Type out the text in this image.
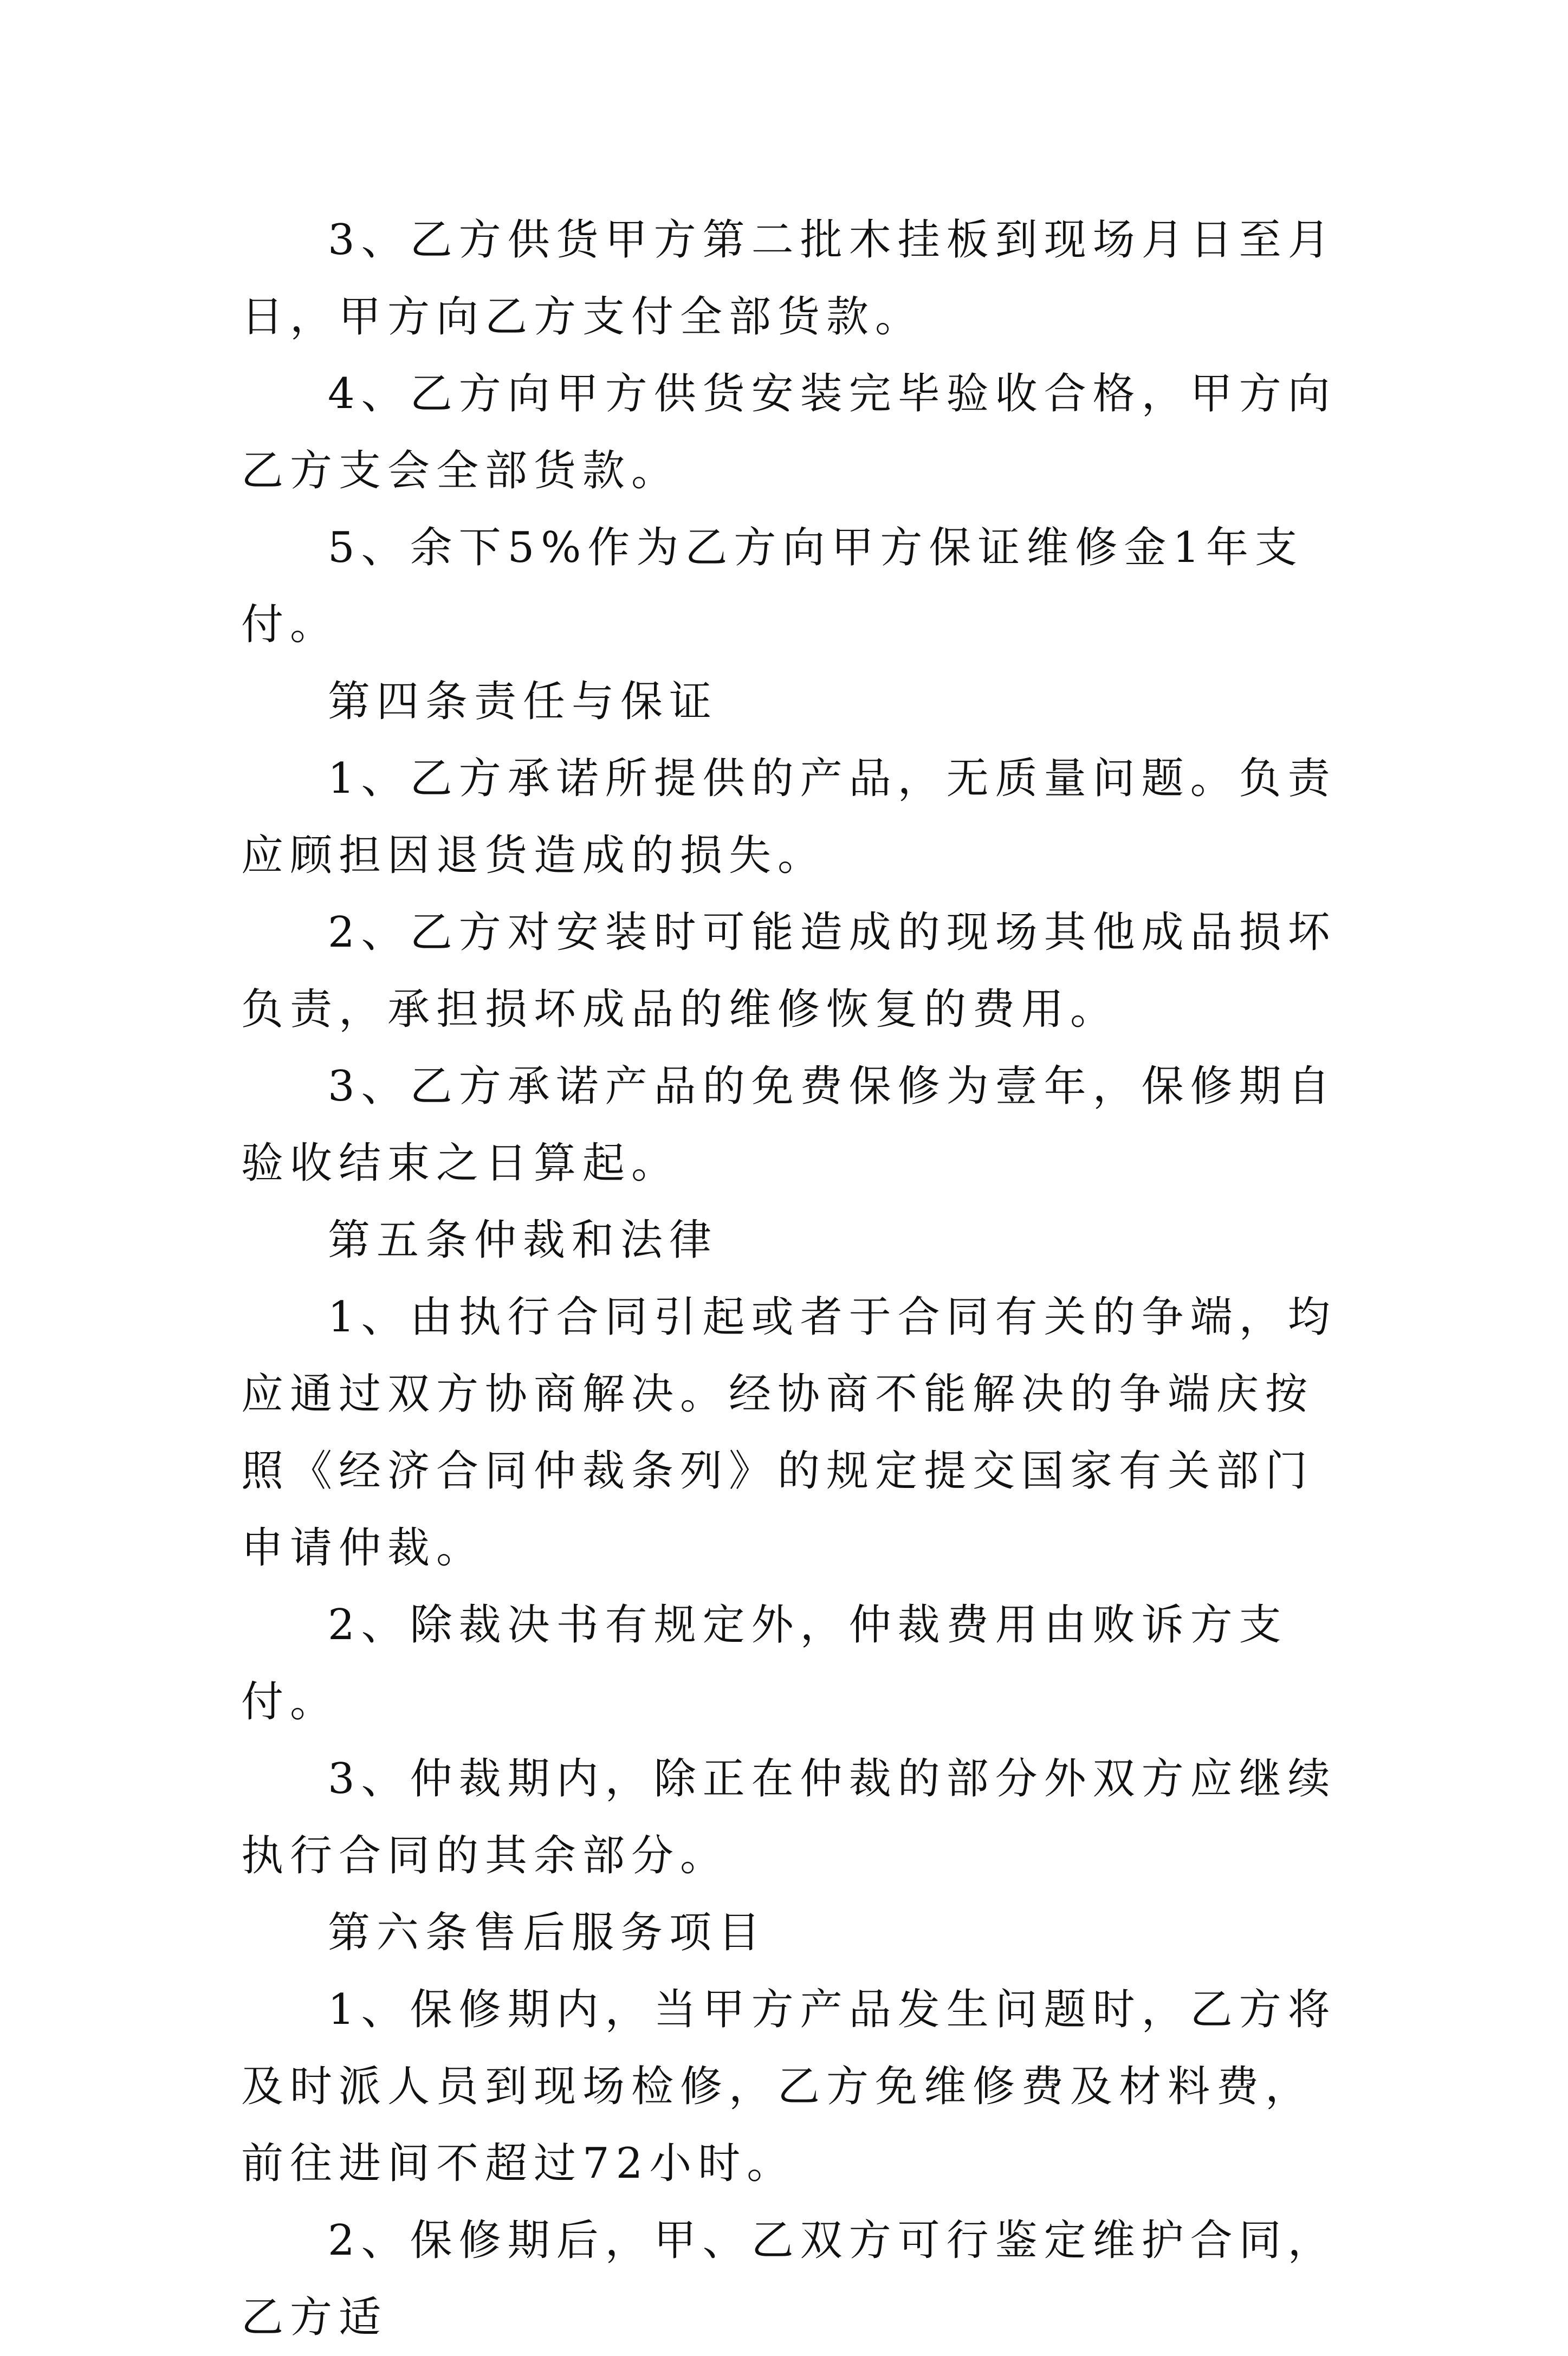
3、乙方供货甲方第二批木挂板到现场月日至月日，甲方向乙方支付全部货款。

4、乙方向甲方供货安装完毕验收合格，甲方向乙方支会全部货款。

5、余下5%作为乙方向甲方保证维修金1年支付。

第四条责任与保证

1、乙方承诺所提供的产品，无质量问题。负责应顾担因退货造成的损失。

2、乙方对安装时可能造成的现场其他成品损坏负责，承担损坏成品的维修恢复的费用。

3、乙方承诺产品的免费保修为壹年，保修期自验收结束之日算起。

第五条仲裁和法律

1、由执行合同引起或者于合同有关的争端，均应通过双方协商解决。经协商不能解决的争端庆按照《经济合同仲裁条列》的规定提交国家有关部门申请仲裁。

2、除裁决书有规定外，仲裁费用由败诉方支付。

3、仲裁期内，除正在仲裁的部分外双方应继续执行合同的其余部分。

第六条售后服务项目

1、保修期内，当甲方产品发生问题时，乙方将及时派人员到现场检修，乙方免维修费及材料费，前往进间不超过72小时。

2、保修期后，甲、乙双方可行鉴定维护合同，乙方适
